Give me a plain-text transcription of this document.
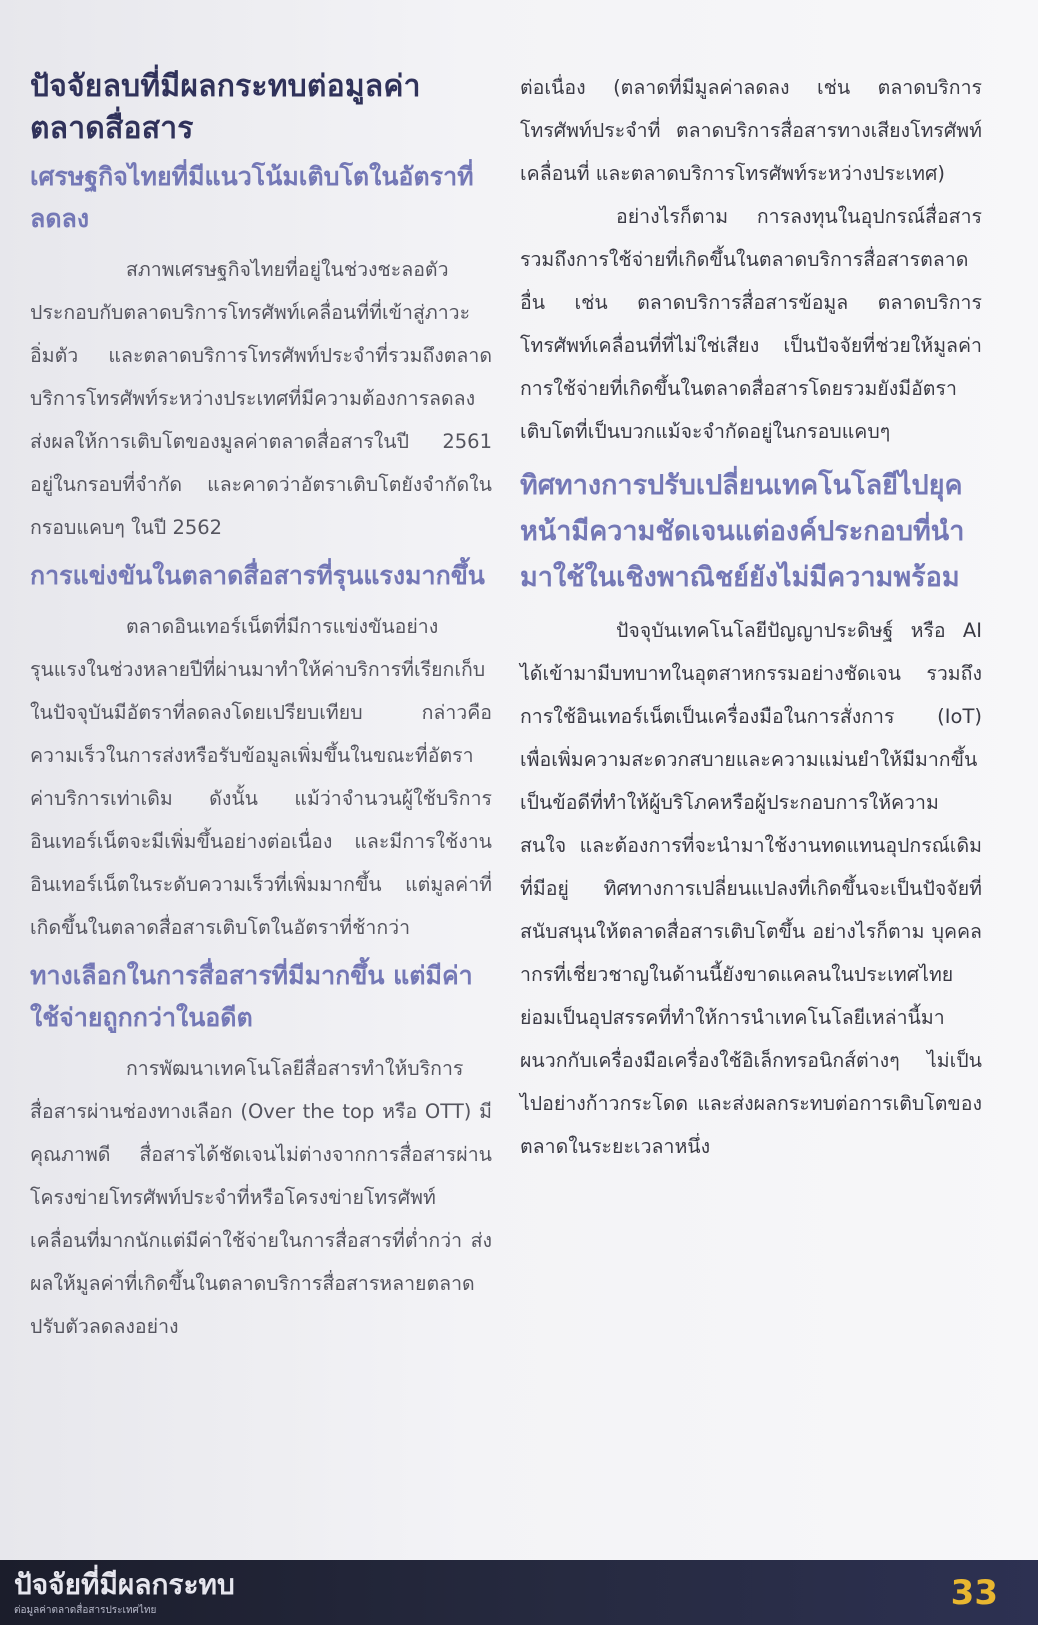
ปัจจัยลบที่มีผลกระทบต่อมูลค่าตลาดสื่อสาร
เศรษฐกิจไทยที่มีแนวโน้มเติบโตในอัตราที่ลดลง

สภาพเศรษฐกิจไทยที่อยู่ในช่วงชะลอตัว ประกอบกับตลาดบริการโทรศัพท์เคลื่อนที่ที่เข้าสู่ภาวะอิ่มตัว และตลาดบริการโทรศัพท์ประจำที่รวมถึงตลาดบริการโทรศัพท์ระหว่างประเทศที่มีความต้องการลดลงส่งผลให้การเติบโตของมูลค่าตลาดสื่อสารในปี 2561 อยู่ในกรอบที่จำกัด และคาดว่าอัตราเติบโตยังจำกัดในกรอบแคบๆ ในปี 2562

การแข่งขันในตลาดสื่อสารที่รุนแรงมากขึ้น

ตลาดอินเทอร์เน็ตที่มีการแข่งขันอย่างรุนแรงในช่วงหลายปีที่ผ่านมาทำให้ค่าบริการที่เรียกเก็บในปัจจุบันมีอัตราที่ลดลงโดยเปรียบเทียบ กล่าวคือ ความเร็วในการส่งหรือรับข้อมูลเพิ่มขึ้นในขณะที่อัตราค่าบริการเท่าเดิม ดังนั้น แม้ว่าจำนวนผู้ใช้บริการอินเทอร์เน็ตจะมีเพิ่มขึ้นอย่างต่อเนื่อง และมีการใช้งานอินเทอร์เน็ตในระดับความเร็วที่เพิ่มมากขึ้น แต่มูลค่าที่เกิดขึ้นในตลาดสื่อสารเติบโตในอัตราที่ช้ากว่า

ทางเลือกในการสื่อสารที่มีมากขึ้น แต่มีค่าใช้จ่ายถูกกว่าในอดีต

การพัฒนาเทคโนโลยีสื่อสารทำให้บริการสื่อสารผ่านช่องทางเลือก (Over the top หรือ OTT) มีคุณภาพดี สื่อสารได้ชัดเจนไม่ต่างจากการสื่อสารผ่านโครงข่ายโทรศัพท์ประจำที่หรือโครงข่ายโทรศัพท์เคลื่อนที่มากนักแต่มีค่าใช้จ่ายในการสื่อสารที่ต่ำกว่า ส่งผลให้มูลค่าที่เกิดขึ้นในตลาดบริการสื่อสารหลายตลาดปรับตัวลดลงอย่าง

ต่อเนื่อง (ตลาดที่มีมูลค่าลดลง เช่น ตลาดบริการโทรศัพท์ประจำที่ ตลาดบริการสื่อสารทางเสียงโทรศัพท์เคลื่อนที่ และตลาดบริการโทรศัพท์ระหว่างประเทศ)

อย่างไรก็ตาม การลงทุนในอุปกรณ์สื่อสารรวมถึงการใช้จ่ายที่เกิดขึ้นในตลาดบริการสื่อสารตลาดอื่น เช่น ตลาดบริการสื่อสารข้อมูล ตลาดบริการโทรศัพท์เคลื่อนที่ที่ไม่ใช่เสียง เป็นปัจจัยที่ช่วยให้มูลค่าการใช้จ่ายที่เกิดขึ้นในตลาดสื่อสารโดยรวมยังมีอัตราเติบโตที่เป็นบวกแม้จะจำกัดอยู่ในกรอบแคบๆ

ทิศทางการปรับเปลี่ยนเทคโนโลยีไปยุคหน้ามีความชัดเจนแต่องค์ประกอบที่นำมาใช้ในเชิงพาณิชย์ยังไม่มีความพร้อม

ปัจจุบันเทคโนโลยีปัญญาประดิษฐ์ หรือ AI ได้เข้ามามีบทบาทในอุตสาหกรรมอย่างชัดเจน รวมถึงการใช้อินเทอร์เน็ตเป็นเครื่องมือในการสั่งการ (IoT) เพื่อเพิ่มความสะดวกสบายและความแม่นยำให้มีมากขึ้น เป็นข้อดีที่ทำให้ผู้บริโภคหรือผู้ประกอบการให้ความสนใจ และต้องการที่จะนำมาใช้งานทดแทนอุปกรณ์เดิมที่มีอยู่ ทิศทางการเปลี่ยนแปลงที่เกิดขึ้นจะเป็นปัจจัยที่สนับสนุนให้ตลาดสื่อสารเติบโตขึ้น อย่างไรก็ตาม บุคคลากรที่เชี่ยวชาญในด้านนี้ยังขาดแคลนในประเทศไทย ย่อมเป็นอุปสรรคที่ทำให้การนำเทคโนโลยีเหล่านี้มาผนวกกับเครื่องมือเครื่องใช้อิเล็กทรอนิกส์ต่างๆ ไม่เป็นไปอย่างก้าวกระโดด และส่งผลกระทบต่อการเติบโตของตลาดในระยะเวลาหนึ่ง

ปัจจัยที่มีผลกระทบ
ต่อมูลค่าตลาดสื่อสารประเทศไทย	33
